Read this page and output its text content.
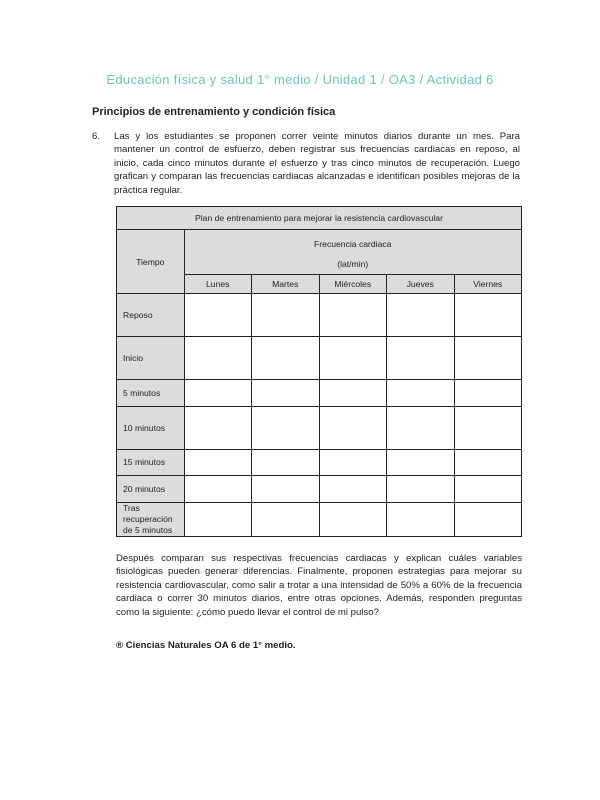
Educación física y salud 1° medio / Unidad 1 / OA3 / Actividad 6
Principios de entrenamiento y condición física
6. Las y los estudiantes se proponen correr veinte minutos diarios durante un mes. Para mantener un control de esfuerzo, deben registrar sus frecuencias cardiacas en reposo, al inicio, cada cinco minutos durante el esfuerzo y tras cinco minutos de recuperación. Luego grafican y comparan las frecuencias cardiacas alcanzadas e identifican posibles mejoras de la práctica regular.
Plan de entrenamiento para mejorar la resistencia cardiovascular					
Tiempo	Frecuencia cardiaca
(lat/min)				

	Lunes	Martes	Miércoles	Jueves	Viernes
Reposo					
Inicio					
5 minutos					
10 minutos					
15 minutos					
20 minutos					
Tras recuperación de 5 minutos					
Después comparan sus respectivas frecuencias cardiacas y explican cuáles variables fisiológicas pueden generar diferencias. Finalmente, proponen estrategias para mejorar su resistencia cardiovascular, como salir a trotar a una intensidad de 50% a 60% de la frecuencia cardiaca o correr 30 minutos diarios, entre otras opciones. Además, responden preguntas como la siguiente: ¿cómo puedo llevar el control de mi pulso?
® Ciencias Naturales OA 6 de 1° medio.
